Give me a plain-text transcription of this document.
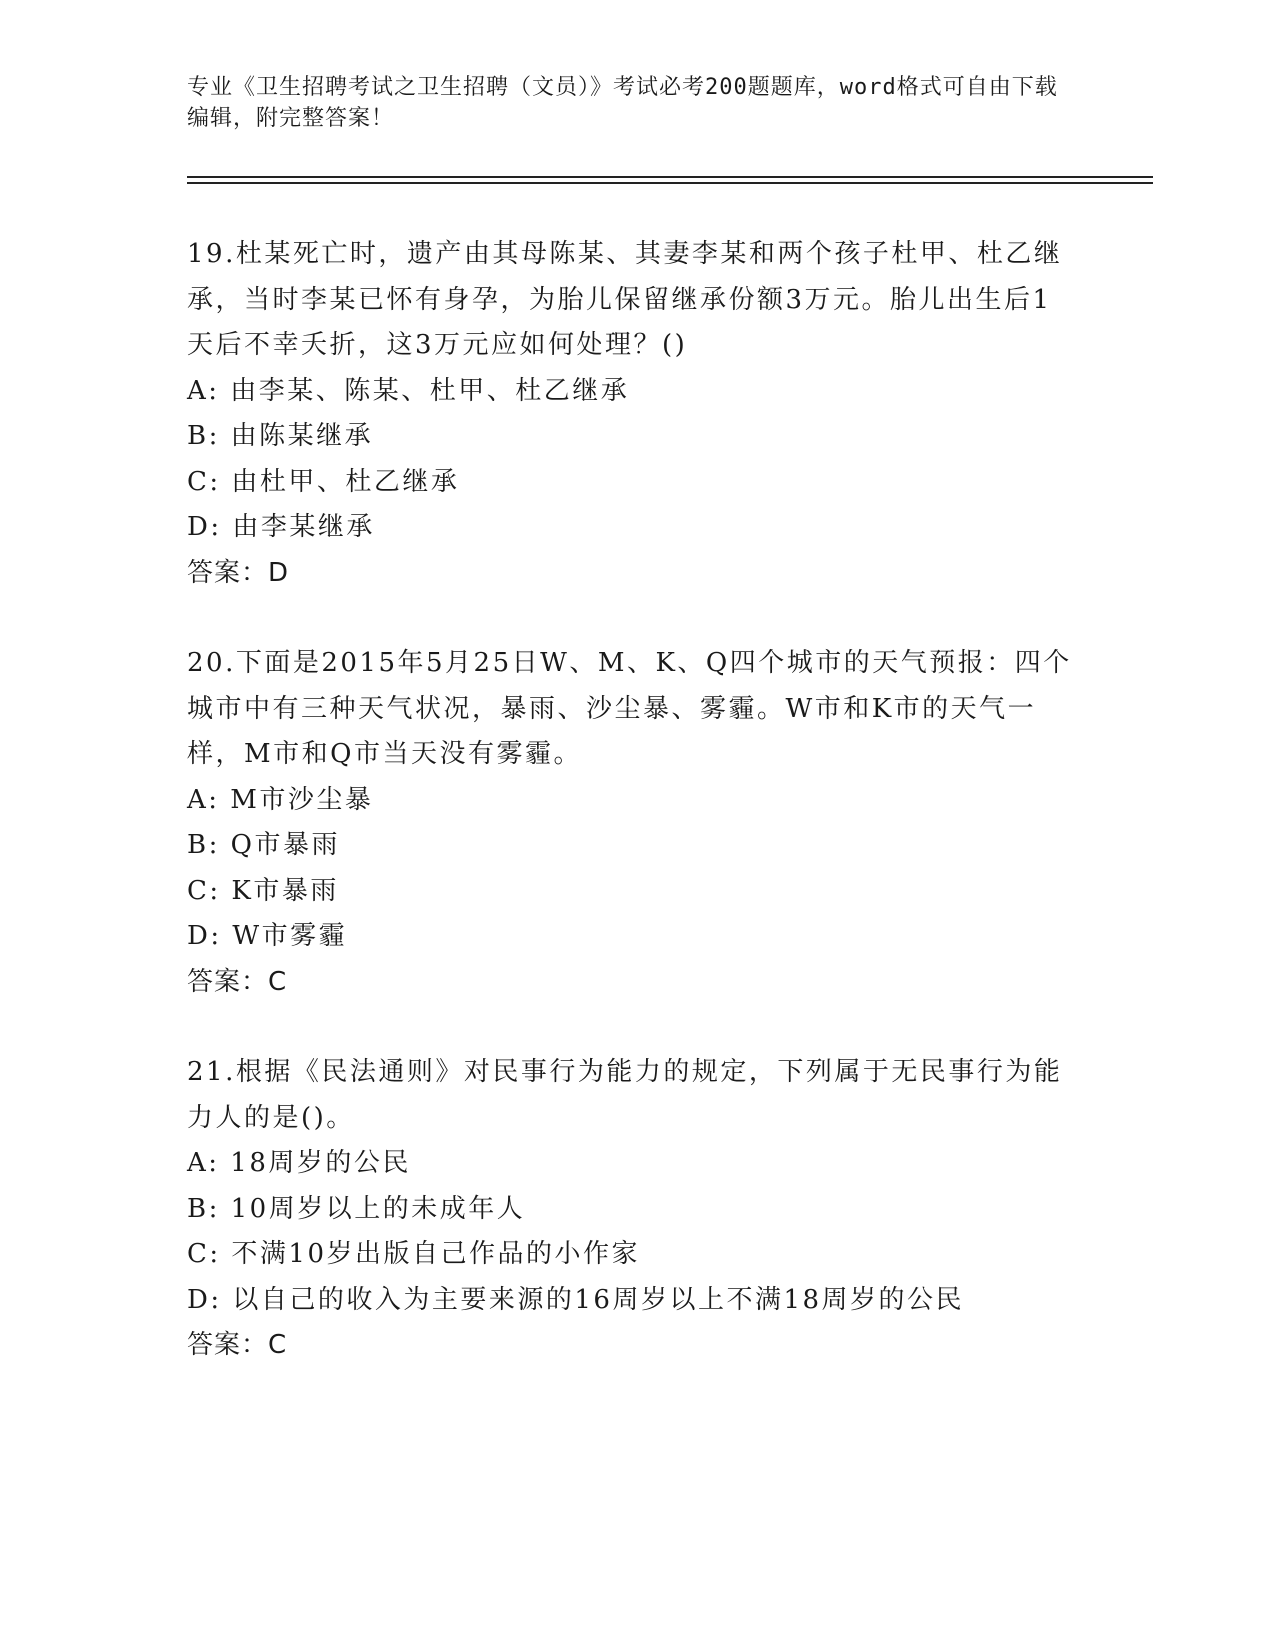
专业《卫生招聘考试之卫生招聘（文员）》考试必考200题题库，word格式可自由下载编辑，附完整答案！

19.杜某死亡时，遗产由其母陈某、其妻李某和两个孩子杜甲、杜乙继承，当时李某已怀有身孕，为胎儿保留继承份额3万元。胎儿出生后1天后不幸夭折，这3万元应如何处理？()

A: 由李某、陈某、杜甲、杜乙继承

B: 由陈某继承

C: 由杜甲、杜乙继承

D: 由李某继承

答案：D

20.下面是2015年5月25日W、M、K、Q四个城市的天气预报：四个城市中有三种天气状况，暴雨、沙尘暴、雾霾。W市和K市的天气一样，M市和Q市当天没有雾霾。

A: M市沙尘暴

B: Q市暴雨

C: K市暴雨

D: W市雾霾

答案：C

21.根据《民法通则》对民事行为能力的规定，下列属于无民事行为能力人的是()。

A: 18周岁的公民

B: 10周岁以上的未成年人

C: 不满10岁出版自己作品的小作家

D: 以自己的收入为主要来源的16周岁以上不满18周岁的公民

答案：C
